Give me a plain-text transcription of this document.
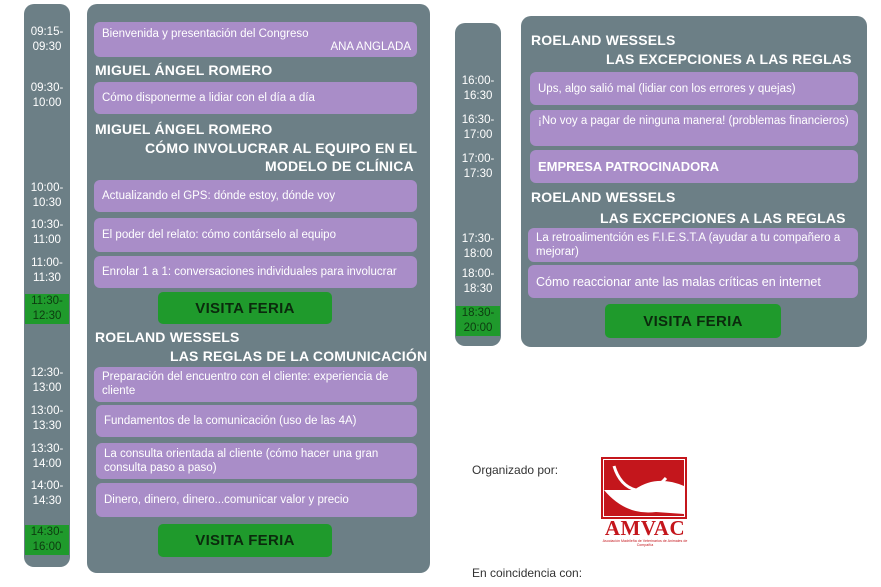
09:15-
09:30
09:30-
10:00
10:00-
10:30
10:30-
11:00
11:00-
11:30
11:30-
12:30
12:30-
13:00
13:00-
13:30
13:30-
14:00
14:00-
14:30
14:30-
16:00
Bienvenida y presentación del Congreso
ANA ANGLADA
MIGUEL ÁNGEL ROMERO
Cómo disponerme a lidiar con el día a día
MIGUEL ÁNGEL ROMERO
CÓMO INVOLUCRAR AL EQUIPO EN EL
MODELO DE CLÍNICA
Actualizando el GPS: dónde estoy, dónde voy
El poder del relato: cómo contárselo al equipo
Enrolar 1 a 1: conversaciones individuales para involucrar
VISITA FERIA
ROELAND WESSELS
LAS REGLAS DE LA COMUNICACIÓN
Preparación del encuentro con el cliente: experiencia de cliente
Fundamentos de la comunicación (uso de las 4A)
La consulta orientada al cliente (cómo hacer una gran consulta paso a paso)
Dinero, dinero, dinero...comunicar valor y precio
VISITA FERIA
16:00-
16:30
16:30-
17:00
17:00-
17:30
17:30-
18:00
18:00-
18:30
18:30-
20:00
ROELAND WESSELS
LAS EXCEPCIONES A LAS REGLAS
Ups, algo salió mal (lidiar con los errores y quejas)
¡No voy a pagar de ninguna manera! (problemas financieros)
EMPRESA PATROCINADORA
ROELAND WESSELS
LAS EXCEPCIONES A LAS REGLAS
La retroalimentción es F.I.E.S.T.A (ayudar a tu compañero a mejorar)
Cómo reaccionar ante las malas críticas en internet
VISITA FERIA
Organizado por:
En coincidencia con:
AMVAC
Asociación Madrileña de Veterinarios de Animales de Compañía
